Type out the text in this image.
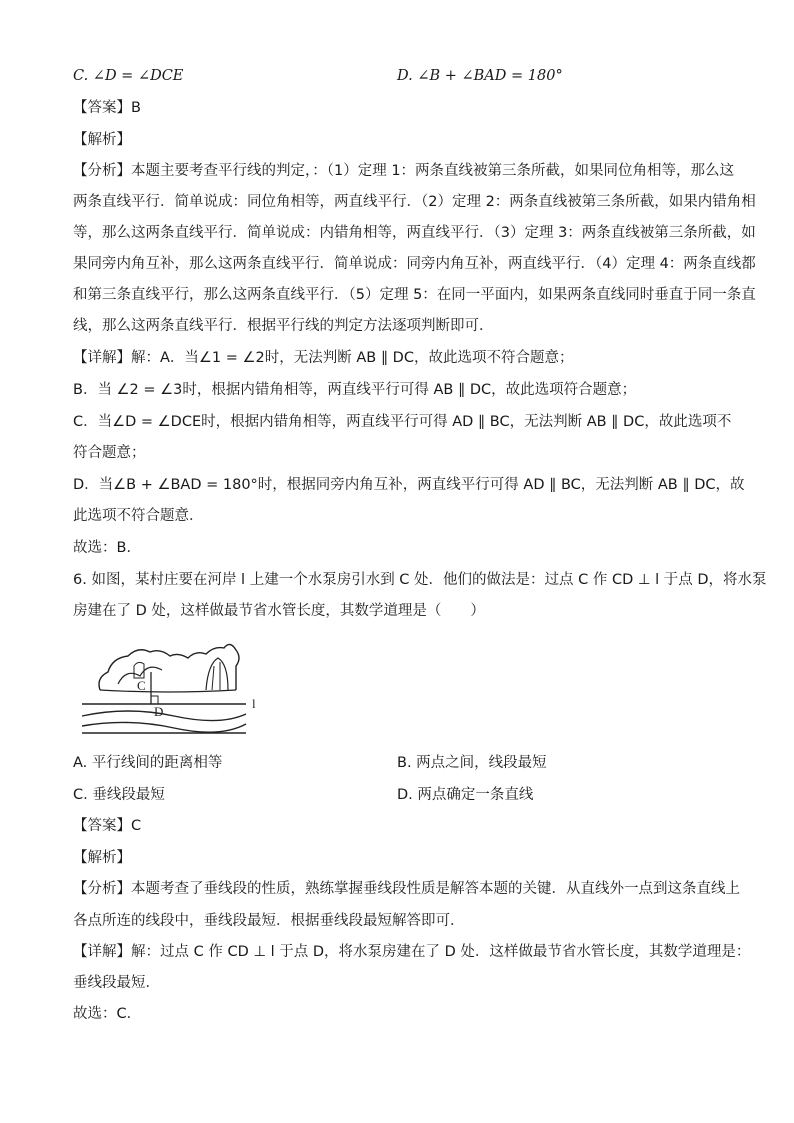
C. ∠D = ∠DCE	D. ∠B + ∠BAD = 180°
【答案】B
【解析】
【分析】本题主要考查平行线的判定，：（1）定理 1：两条直线被第三条所截，如果同位角相等，那么这
两条直线平行．简单说成：同位角相等，两直线平行．（2）定理 2：两条直线被第三条所截，如果内错角相
等，那么这两条直线平行．简单说成：内错角相等，两直线平行．（3）定理 3：两条直线被第三条所截，如
果同旁内角互补，那么这两条直线平行．简单说成：同旁内角互补，两直线平行．（4）定理 4：两条直线都
和第三条直线平行，那么这两条直线平行．（5）定理 5：在同一平面内，如果两条直线同时垂直于同一条直
线，那么这两条直线平行．根据平行线的判定方法逐项判断即可．
【详解】解：A．当∠1 = ∠2时，无法判断 AB ∥ DC，故此选项不符合题意；
B．当 ∠2 = ∠3时，根据内错角相等，两直线平行可得 AB ∥ DC，故此选项符合题意；
C．当∠D = ∠DCE时，根据内错角相等，两直线平行可得 AD ∥ BC，无法判断 AB ∥ DC，故此选项不
符合题意；
D．当∠B + ∠BAD = 180°时，根据同旁内角互补，两直线平行可得 AD ∥ BC，无法判断 AB ∥ DC，故
此选项不符合题意．
故选：B．
6. 如图，某村庄要在河岸 l 上建一个水泵房引水到 C 处．他们的做法是：过点 C 作 CD ⊥ l 于点 D，将水泵
房建在了 D 处，这样做最节省水管长度，其数学道理是（　　）
C
D
l
A. 平行线间的距离相等	B. 两点之间，线段最短
C. 垂线段最短	D. 两点确定一条直线
【答案】C
【解析】
【分析】本题考查了垂线段的性质，熟练掌握垂线段性质是解答本题的关键．从直线外一点到这条直线上
各点所连的线段中，垂线段最短．根据垂线段最短解答即可．
【详解】解：过点 C 作 CD ⊥ l 于点 D，将水泵房建在了 D 处．这样做最节省水管长度，其数学道理是：
垂线段最短．
故选：C．
